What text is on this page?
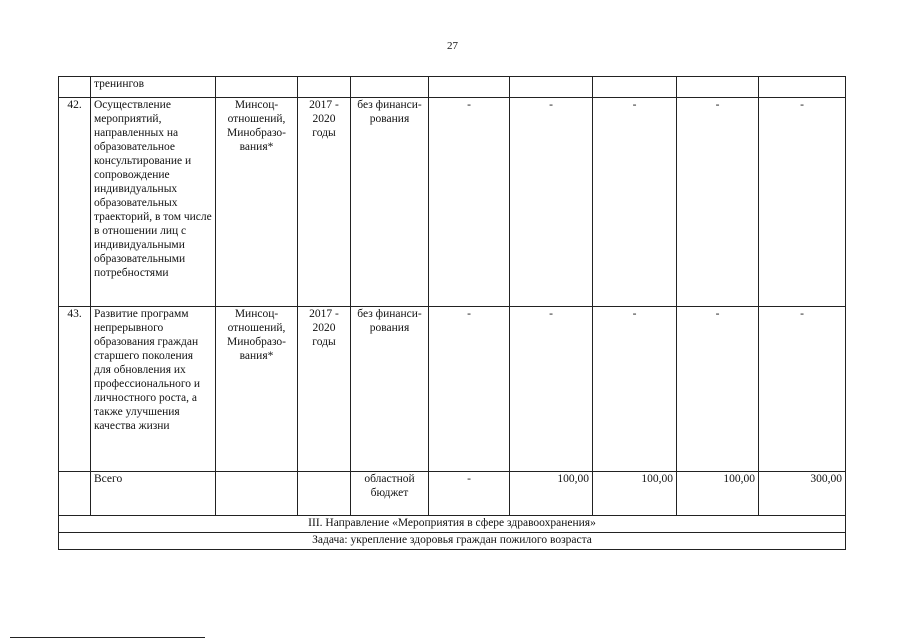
27
	тренингов								
42.	Осуществление мероприятий, направленных на образовательное консультирование и сопровождение индивидуальных образовательных траекторий, в том числе в отношении лиц с индивидуальными образовательными потребностями	Минсоц-отношений, Минобразо-вания*	2017 - 2020 годы	без финанси-рования	-	-	-	-	-
43.	Развитие программ непрерывного образования граждан старшего поколения для обновления их профессионального и личностного роста, а также улучшения качества жизни	Минсоц-отношений, Минобразо-вания*	2017 - 2020 годы	без финанси-рования	-	-	-	-	-
	Всего			областной бюджет	-	100,00	100,00	100,00	300,00
III. Направление «Мероприятия в сфере здравоохранения»									
Задача: укрепление здоровья граждан пожилого возраста									
